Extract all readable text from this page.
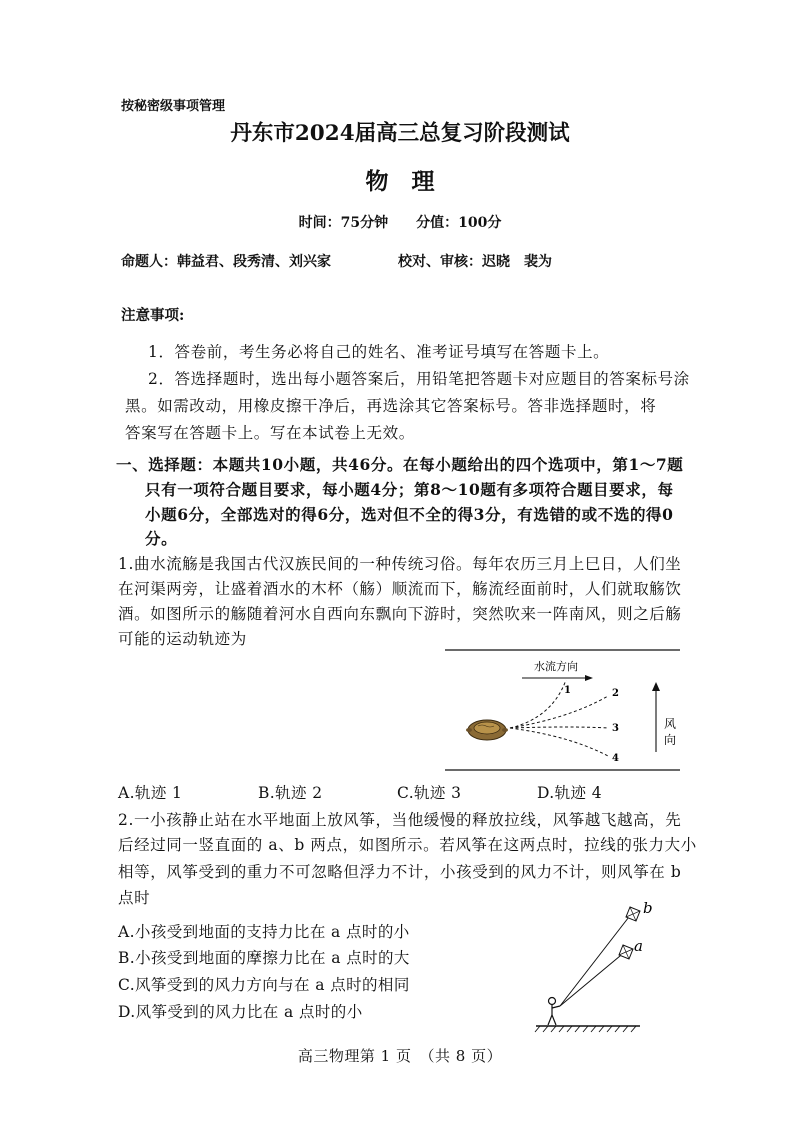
按秘密级事项管理
丹东市2024届高三总复习阶段测试
物　理
时间：75分钟　　分值：100分
命题人：韩益君、段秀清、刘兴家	校对、审核：迟晓　裴为
注意事项:
1．答卷前，考生务必将自己的姓名、准考证号填写在答题卡上。
2．答选择题时，选出每小题答案后，用铅笔把答题卡对应题目的答案标号涂
黑。如需改动，用橡皮擦干净后，再选涂其它答案标号。答非选择题时，将
答案写在答题卡上。写在本试卷上无效。
一、选择题：本题共10小题，共46分。在每小题给出的四个选项中，第1～7题
只有一项符合题目要求，每小题4分；第8～10题有多项符合题目要求，每
小题6分，全部选对的得6分，选对但不全的得3分，有选错的或不选的得0
分。
1.曲水流觞是我国古代汉族民间的一种传统习俗。每年农历三月上巳日，人们坐
在河渠两旁，让盛着酒水的木杯（觞）顺流而下，觞流经面前时，人们就取觞饮
酒。如图所示的觞随着河水自西向东飘向下游时，突然吹来一阵南风，则之后觞
可能的运动轨迹为
水流方向
1	2
3
4
风
向
A.轨迹 1	B.轨迹 2	C.轨迹 3	D.轨迹 4
2.一小孩静止站在水平地面上放风筝，当他缓慢的释放拉线，风筝越飞越高，先
后经过同一竖直面的 a、b 两点，如图所示。若风筝在这两点时，拉线的张力大小
相等，风筝受到的重力不可忽略但浮力不计，小孩受到的风力不计，则风筝在 b
点时
A.小孩受到地面的支持力比在 a 点时的小
B.小孩受到地面的摩擦力比在 a 点时的大
C.风筝受到的风力方向与在 a 点时的相同
D.风筝受到的风力比在 a 点时的小
b
a
高三物理第 1 页　（共 8 页）
